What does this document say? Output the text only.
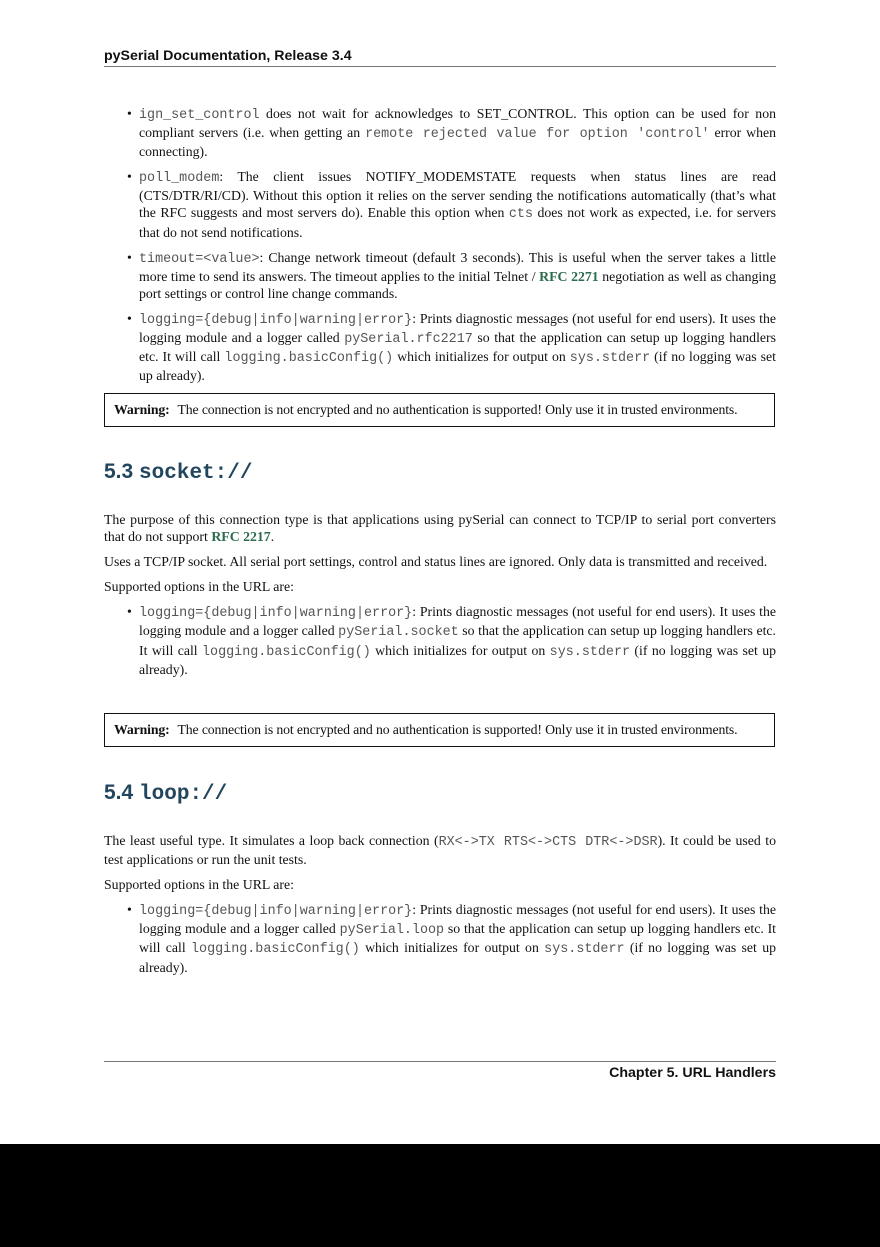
pySerial Documentation, Release 3.4
• ign_set_control does not wait for acknowledges to SET_CONTROL. This option can be used for non compliant servers (i.e. when getting an remote rejected value for option 'control' error when connecting).
• poll_modem: The client issues NOTIFY_MODEMSTATE requests when status lines are read (CTS/DTR/RI/CD). Without this option it relies on the server sending the notifications automatically (that’s what the RFC suggests and most servers do). Enable this option when cts does not work as expected, i.e. for servers that do not send notifications.
• timeout=<value>: Change network timeout (default 3 seconds). This is useful when the server takes a little more time to send its answers. The timeout applies to the initial Telnet / RFC 2271 negotiation as well as changing port settings or control line change commands.
• logging={debug|info|warning|error}: Prints diagnostic messages (not useful for end users). It uses the logging module and a logger called pySerial.rfc2217 so that the application can setup up logging handlers etc. It will call logging.basicConfig() which initializes for output on sys.stderr (if no logging was set up already).
Warning: The connection is not encrypted and no authentication is supported! Only use it in trusted environments.
5.3 socket://

The purpose of this connection type is that applications using pySerial can connect to TCP/IP to serial port converters that do not support RFC 2217.

Uses a TCP/IP socket. All serial port settings, control and status lines are ignored. Only data is transmitted and received.

Supported options in the URL are:

• logging={debug|info|warning|error}: Prints diagnostic messages (not useful for end users). It uses the logging module and a logger called pySerial.socket so that the application can setup up logging handlers etc. It will call logging.basicConfig() which initializes for output on sys.stderr (if no logging was set up already).
Warning: The connection is not encrypted and no authentication is supported! Only use it in trusted environments.
5.4 loop://

The least useful type. It simulates a loop back connection (RX<->TX RTS<->CTS DTR<->DSR). It could be used to test applications or run the unit tests.

Supported options in the URL are:

• logging={debug|info|warning|error}: Prints diagnostic messages (not useful for end users). It uses the logging module and a logger called pySerial.loop so that the application can setup up logging handlers etc. It will call logging.basicConfig() which initializes for output on sys.stderr (if no logging was set up already).
Chapter 5. URL Handlers
